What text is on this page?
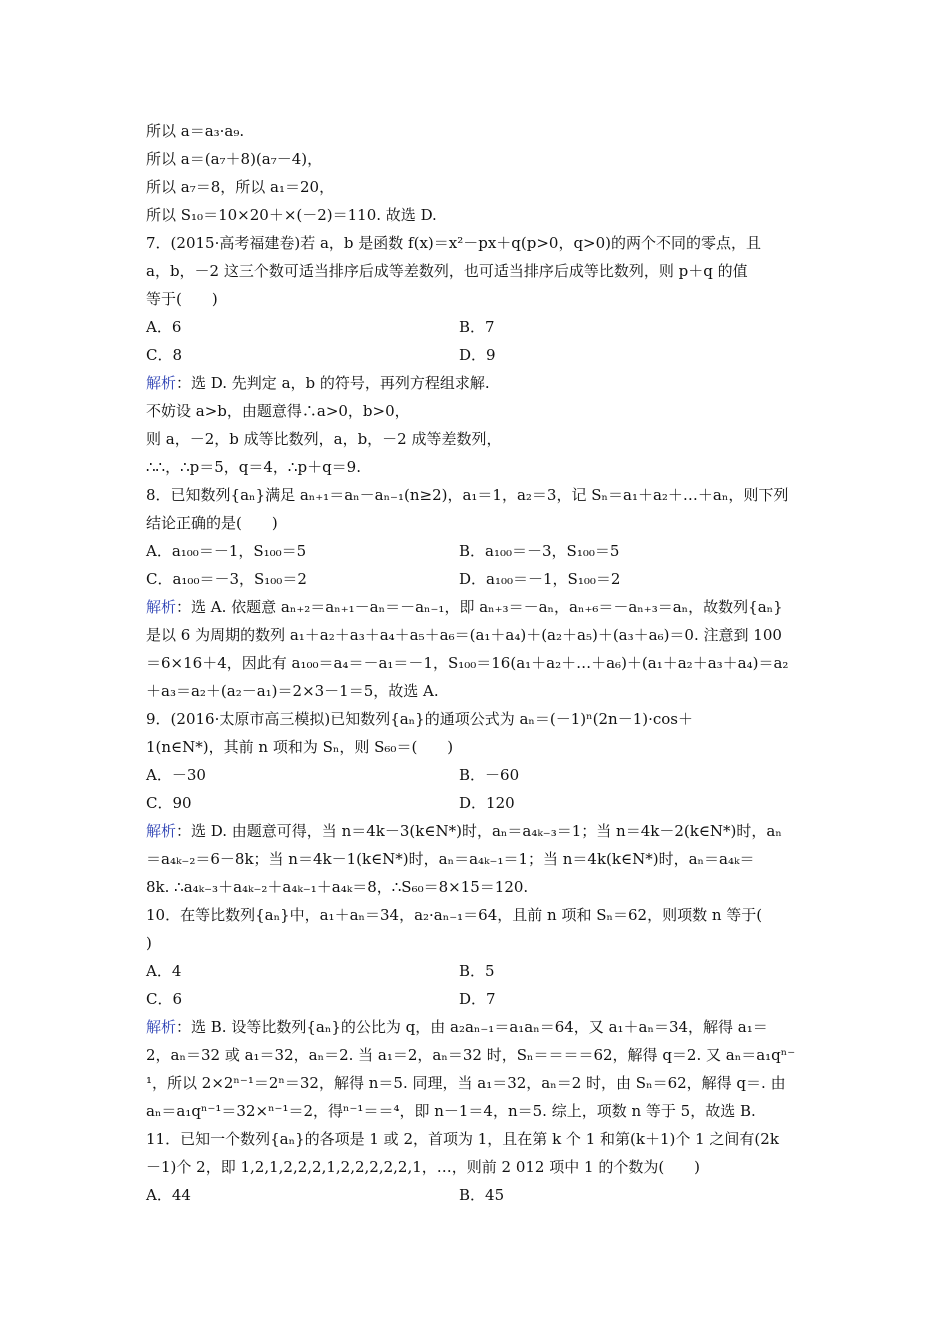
所以 a＝a₃·a₉.
所以 a＝(a₇＋8)(a₇－4)，
所以 a₇＝8，所以 a₁＝20，
所以 S₁₀＝10×20＋×(－2)＝110. 故选 D.
7．(2015·高考福建卷)若 a，b 是函数 f(x)＝x²－px＋q(p>0，q>0)的两个不同的零点，且
a，b，－2 这三个数可适当排序后成等差数列，也可适当排序后成等比数列，则 p＋q 的值
等于(　　)
A．6	B．7
C．8	D．9
解析：选 D. 先判定 a，b 的符号，再列方程组求解.
不妨设 a>b，由题意得∴a>0，b>0，
则 a，－2，b 成等比数列，a，b，－2 成等差数列，
∴∴，∴p＝5，q＝4，∴p＋q＝9.
8．已知数列{aₙ}满足 aₙ₊₁＝aₙ－aₙ₋₁(n≥2)，a₁＝1，a₂＝3，记 Sₙ＝a₁＋a₂＋…＋aₙ，则下列
结论正确的是(　　)
A．a₁₀₀＝－1，S₁₀₀＝5	B．a₁₀₀＝－3，S₁₀₀＝5
C．a₁₀₀＝－3，S₁₀₀＝2	D．a₁₀₀＝－1，S₁₀₀＝2
解析：选 A. 依题意 aₙ₊₂＝aₙ₊₁－aₙ＝－aₙ₋₁，即 aₙ₊₃＝－aₙ，aₙ₊₆＝－aₙ₊₃＝aₙ，故数列{aₙ}
是以 6 为周期的数列 a₁＋a₂＋a₃＋a₄＋a₅＋a₆＝(a₁＋a₄)＋(a₂＋a₅)＋(a₃＋a₆)＝0. 注意到 100
＝6×16＋4，因此有 a₁₀₀＝a₄＝－a₁＝－1，S₁₀₀＝16(a₁＋a₂＋…＋a₆)＋(a₁＋a₂＋a₃＋a₄)＝a₂
＋a₃＝a₂＋(a₂－a₁)＝2×3－1＝5，故选 A.
9．(2016·太原市高三模拟)已知数列{aₙ}的通项公式为 aₙ＝(－1)ⁿ(2n－1)·cos＋
1(n∈N*)，其前 n 项和为 Sₙ，则 S₆₀＝(　　)
A．－30	B．－60
C．90	D．120
解析：选 D. 由题意可得，当 n＝4k－3(k∈N*)时，aₙ＝a₄ₖ₋₃＝1；当 n＝4k－2(k∈N*)时，aₙ
＝a₄ₖ₋₂＝6－8k；当 n＝4k－1(k∈N*)时，aₙ＝a₄ₖ₋₁＝1；当 n＝4k(k∈N*)时，aₙ＝a₄ₖ＝
8k. ∴a₄ₖ₋₃＋a₄ₖ₋₂＋a₄ₖ₋₁＋a₄ₖ＝8，∴S₆₀＝8×15＝120.
10．在等比数列{aₙ}中，a₁＋aₙ＝34，a₂·aₙ₋₁＝64，且前 n 项和 Sₙ＝62，则项数 n 等于(
)
A．4	B．5
C．6	D．7
解析：选 B. 设等比数列{aₙ}的公比为 q，由 a₂aₙ₋₁＝a₁aₙ＝64，又 a₁＋aₙ＝34，解得 a₁＝
2，aₙ＝32 或 a₁＝32，aₙ＝2. 当 a₁＝2，aₙ＝32 时，Sₙ＝＝＝＝62，解得 q＝2. 又 aₙ＝a₁qⁿ⁻
¹，所以 2×2ⁿ⁻¹＝2ⁿ＝32，解得 n＝5. 同理，当 a₁＝32，aₙ＝2 时，由 Sₙ＝62，解得 q＝. 由
aₙ＝a₁qⁿ⁻¹＝32×ⁿ⁻¹＝2，得ⁿ⁻¹＝＝⁴，即 n－1＝4，n＝5. 综上，项数 n 等于 5，故选 B.
11．已知一个数列{aₙ}的各项是 1 或 2，首项为 1，且在第 k 个 1 和第(k＋1)个 1 之间有(2k
－1)个 2，即 1,2,1,2,2,2,1,2,2,2,2,2,1，…，则前 2 012 项中 1 的个数为(　　)
A．44	B．45
